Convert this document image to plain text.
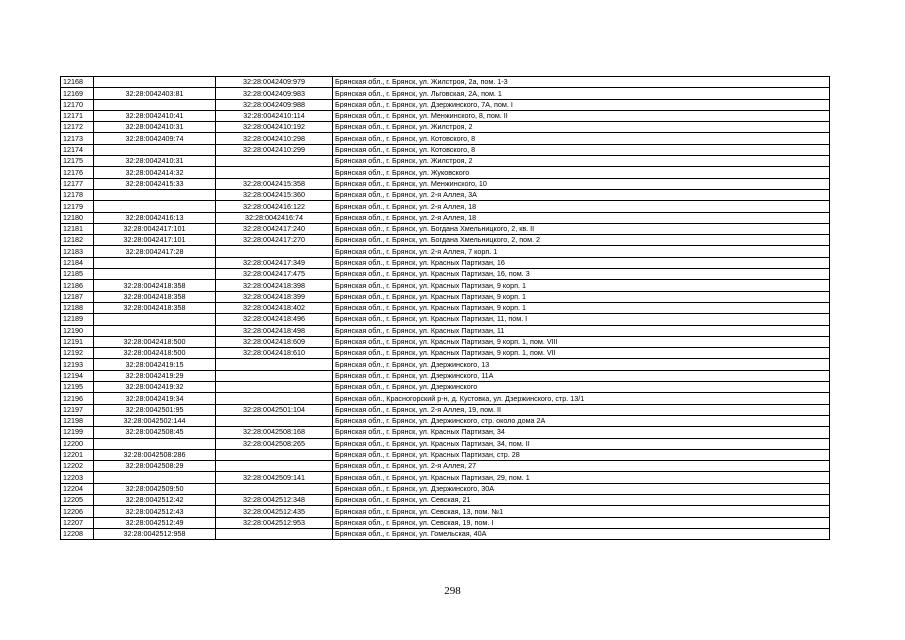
12168		32:28:0042409:979	Брянская обл., г. Брянск, ул. Жилстроя, 2а, пом. 1-3
12169	32:28:0042403:81	32:28:0042409:983	Брянская обл., г. Брянск, ул. Льговская, 2А, пом. 1
12170		32:28:0042409:988	Брянская обл., г. Брянск, ул. Дзержинского, 7А, пом. I
12171	32:28:0042410:41	32:28:0042410:114	Брянская обл., г. Брянск, ул. Менжинского, 8, пом. II
12172	32:28:0042410:31	32:28:0042410:192	Брянская обл., г. Брянск, ул. Жилстроя, 2
12173	32:28:0042409:74	32:28:0042410:298	Брянская обл., г. Брянск, ул. Котовского, 8
12174		32:28:0042410:299	Брянская обл., г. Брянск, ул. Котовского, 8
12175	32:28:0042410:31		Брянская обл., г. Брянск, ул. Жилстроя, 2
12176	32:28:0042414:32		Брянская обл., г. Брянск, ул. Жуковского
12177	32:28:0042415:33	32:28:0042415:358	Брянская обл., г. Брянск, ул. Менжинского, 10
12178		32:28:0042415:360	Брянская обл., г. Брянск, ул. 2-я Аллея, 3А
12179		32:28:0042416:122	Брянская обл., г. Брянск, ул. 2-я Аллея, 18
12180	32:28:0042416:13	32:28:0042416:74	Брянская обл., г. Брянск, ул. 2-я Аллея, 18
12181	32:28:0042417:101	32:28:0042417:240	Брянская обл., г. Брянск, ул. Богдана Хмельницкого, 2, кв. II
12182	32:28:0042417:101	32:28:0042417:270	Брянская обл., г. Брянск, ул. Богдана Хмельницкого, 2, пом. 2
12183	32:28:0042417:28		Брянская обл., г. Брянск, ул. 2-я Аллея, 7 корп. 1
12184		32:28:0042417:349	Брянская обл., г. Брянск, ул. Красных Партизан, 16
12185		32:28:0042417:475	Брянская обл., г. Брянск, ул. Красных Партизан, 16, пом. 3
12186	32:28:0042418:358	32:28:0042418:398	Брянская обл., г. Брянск, ул. Красных Партизан, 9 корп. 1
12187	32:28:0042418:358	32:28:0042418:399	Брянская обл., г. Брянск, ул. Красных Партизан, 9 корп. 1
12188	32:28:0042418:358	32:28:0042418:402	Брянская обл., г. Брянск, ул. Красных Партизан, 9 корп. 1
12189		32:28:0042418:496	Брянская обл., г. Брянск, ул. Красных Партизан, 11, пом. I
12190		32:28:0042418:498	Брянская обл., г. Брянск, ул. Красных Партизан, 11
12191	32:28:0042418:500	32:28:0042418:609	Брянская обл., г. Брянск, ул. Красных Партизан, 9 корп. 1, пом. VIII
12192	32:28:0042418:500	32:28:0042418:610	Брянская обл., г. Брянск, ул. Красных Партизан, 9 корп. 1, пом. VII
12193	32:28:0042419:15		Брянская обл., г. Брянск, ул. Дзержинского, 13
12194	32:28:0042419:29		Брянская обл., г. Брянск, ул. Дзержинского, 11А
12195	32:28:0042419:32		Брянская обл., г. Брянск, ул. Дзержинского
12196	32:28:0042419:34		Брянская обл., Красногорский р-н, д. Кустовка, ул. Дзержинского, стр. 13/1
12197	32:28:0042501:95	32:28:0042501:104	Брянская обл., г. Брянск, ул. 2-я Аллея, 19, пом. II
12198	32:28:0042502:144		Брянская обл., г. Брянск, ул. Дзержинского, стр. около дома 2А
12199	32:28:0042508:45	32:28:0042508:168	Брянская обл., г. Брянск, ул. Красных Партизан, 34
12200		32:28:0042508:265	Брянская обл., г. Брянск, ул. Красных Партизан, 34, пом. II
12201	32:28:0042508:286		Брянская обл., г. Брянск, ул. Красных Партизан, стр. 28
12202	32:28:0042508:29		Брянская обл., г. Брянск, ул. 2-я Аллея, 27
12203		32:28:0042509:141	Брянская обл., г. Брянск, ул. Красных Партизан, 29, пом. 1
12204	32:28:0042509:50		Брянская обл., г. Брянск, ул. Дзержинского, 30А
12205	32:28:0042512:42	32:28:0042512:348	Брянская обл., г. Брянск, ул. Севская, 21
12206	32:28:0042512:43	32:28:0042512:435	Брянская обл., г. Брянск, ул. Севская, 13, пом. №1
12207	32:28:0042512:49	32:28:0042512:953	Брянская обл., г. Брянск, ул. Севская, 19, пом. I
12208	32:28:0042512:958		Брянская обл., г. Брянск, ул. Гомельская, 40А
298
